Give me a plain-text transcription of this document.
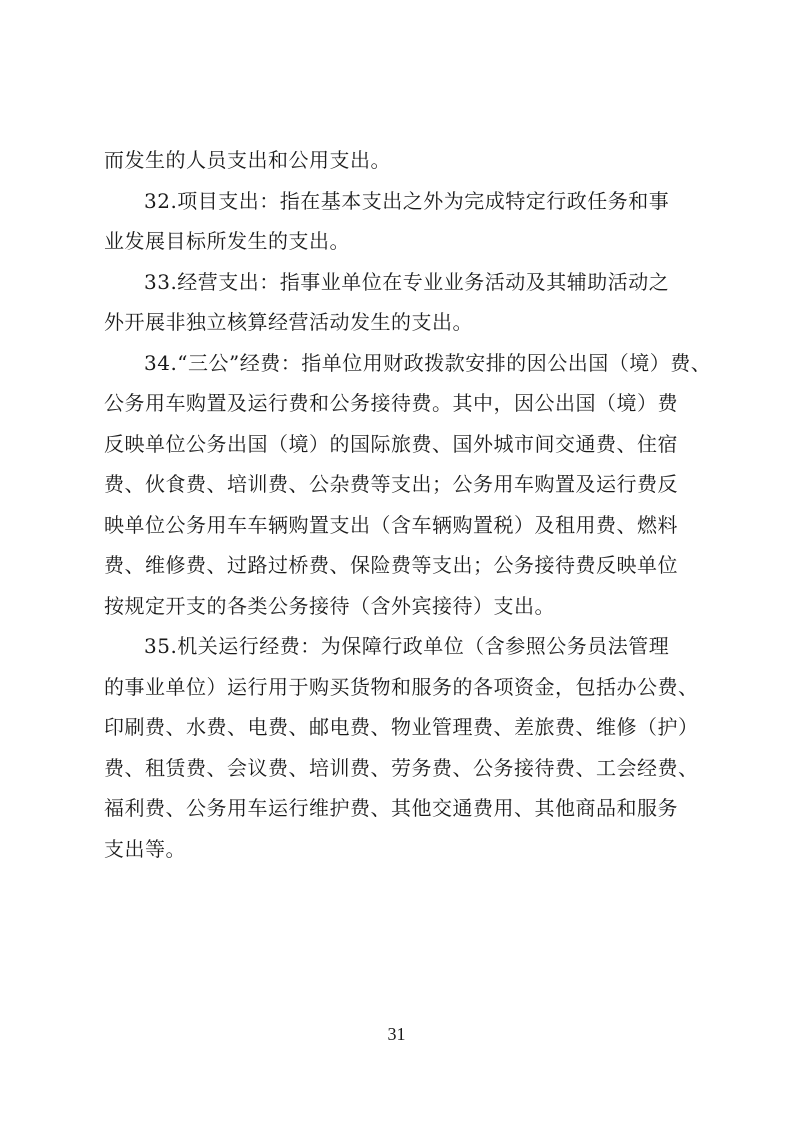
而发生的人员支出和公用支出。
32.项目支出：指在基本支出之外为完成特定行政任务和事
业发展目标所发生的支出。
33.经营支出：指事业单位在专业业务活动及其辅助活动之
外开展非独立核算经营活动发生的支出。
34.“三公”经费：指单位用财政拨款安排的因公出国（境）费、
公务用车购置及运行费和公务接待费。其中，因公出国（境）费
反映单位公务出国（境）的国际旅费、国外城市间交通费、住宿
费、伙食费、培训费、公杂费等支出；公务用车购置及运行费反
映单位公务用车车辆购置支出（含车辆购置税）及租用费、燃料
费、维修费、过路过桥费、保险费等支出；公务接待费反映单位
按规定开支的各类公务接待（含外宾接待）支出。
35.机关运行经费：为保障行政单位（含参照公务员法管理
的事业单位）运行用于购买货物和服务的各项资金，包括办公费、
印刷费、水费、电费、邮电费、物业管理费、差旅费、维修（护）
费、租赁费、会议费、培训费、劳务费、公务接待费、工会经费、
福利费、公务用车运行维护费、其他交通费用、其他商品和服务
支出等。
31
